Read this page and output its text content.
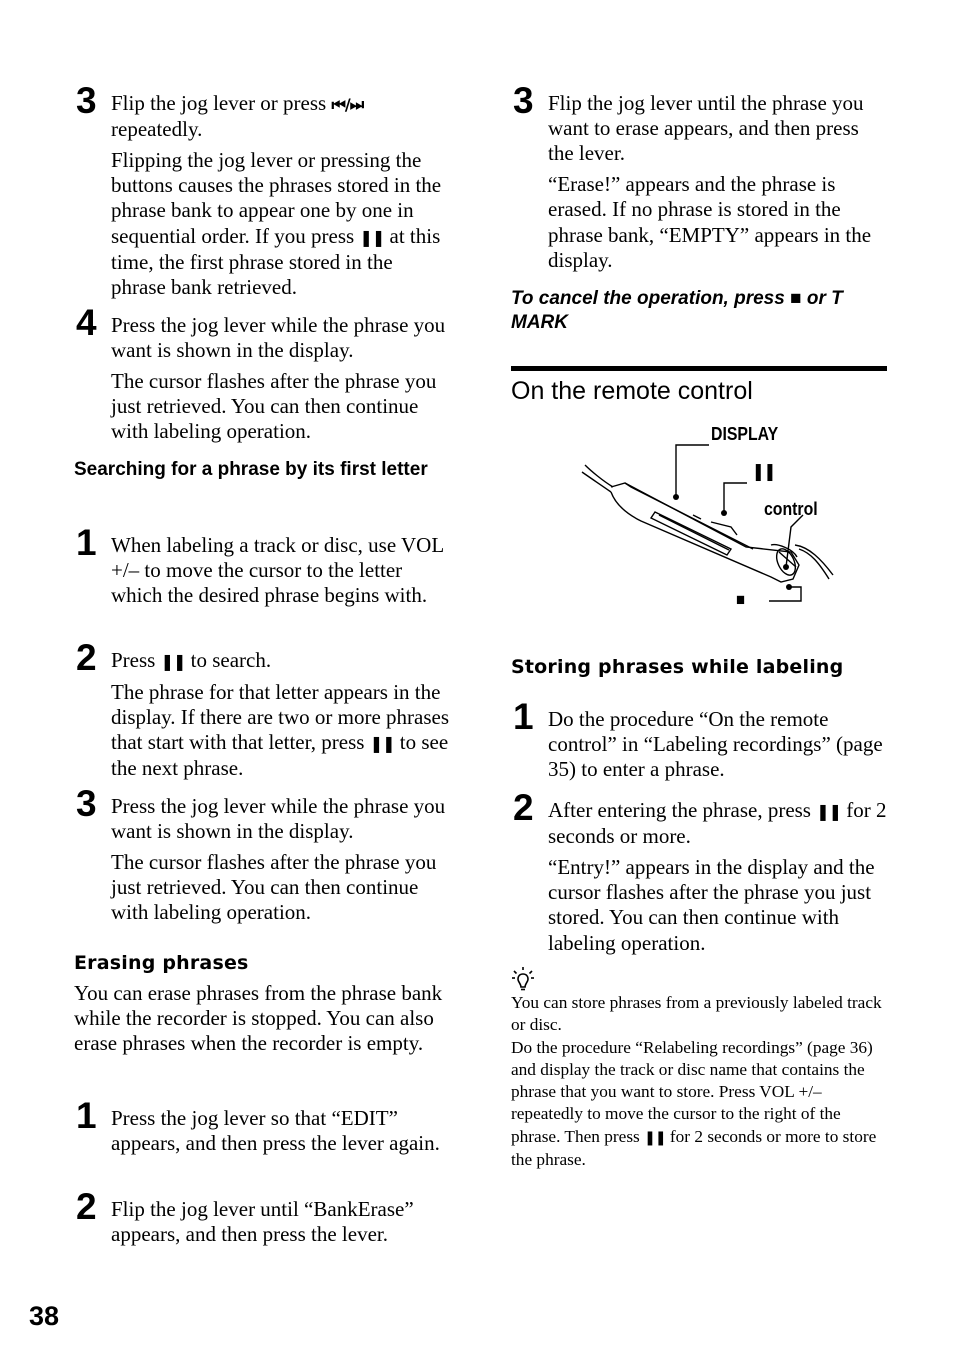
3 Flip the jog lever or press ⏮/⏭
repeatedly.

Flipping the jog lever or pressing the buttons causes the phrases stored in the phrase bank to appear one by one in sequential order. If you press ❚❚ at this time, the first phrase stored in the phrase bank retrieved.

4 Press the jog lever while the phrase you want is shown in the display.

The cursor flashes after the phrase you just retrieved. You can then continue with labeling operation.

Searching for a phrase by its first letter
1 When labeling a track or disc, use VOL +/– to move the cursor to the letter which the desired phrase begins with.

2 Press ❚❚ to search.

The phrase for that letter appears in the display. If there are two or more phrases that start with that letter, press ❚❚ to see the next phrase.

3 Press the jog lever while the phrase you want is shown in the display.

The cursor flashes after the phrase you just retrieved. You can then continue with labeling operation.

Erasing phrases

You can erase phrases from the phrase bank while the recorder is stopped. You can also erase phrases when the recorder is empty.

1 Press the jog lever so that “EDIT” appears, and then press the lever again.

2 Flip the jog lever until “BankErase” appears, and then press the lever.

3 Flip the jog lever until the phrase you want to erase appears, and then press the lever.

“Erase!” appears and the phrase is erased. If no phrase is stored in the phrase bank, “EMPTY” appears in the display.

To cancel the operation, press ■ or T
MARK

On the remote control
DISPLAY
❚❚
control
■
Storing phrases while labeling
1 Do the procedure “On the remote control” in “Labeling recordings” (page 35) to enter a phrase.

2 After entering the phrase, press ❚❚ for 2 seconds or more.

“Entry!” appears in the display and the cursor flashes after the phrase you just stored. You can then continue with labeling operation.

You can store phrases from a previously labeled track or disc.

Do the procedure “Relabeling recordings” (page 36) and display the track or disc name that contains the phrase that you want to store. Press VOL +/– repeatedly to move the cursor to the right of the phrase. Then press ❚❚ for 2 seconds or more to store the phrase.

38
